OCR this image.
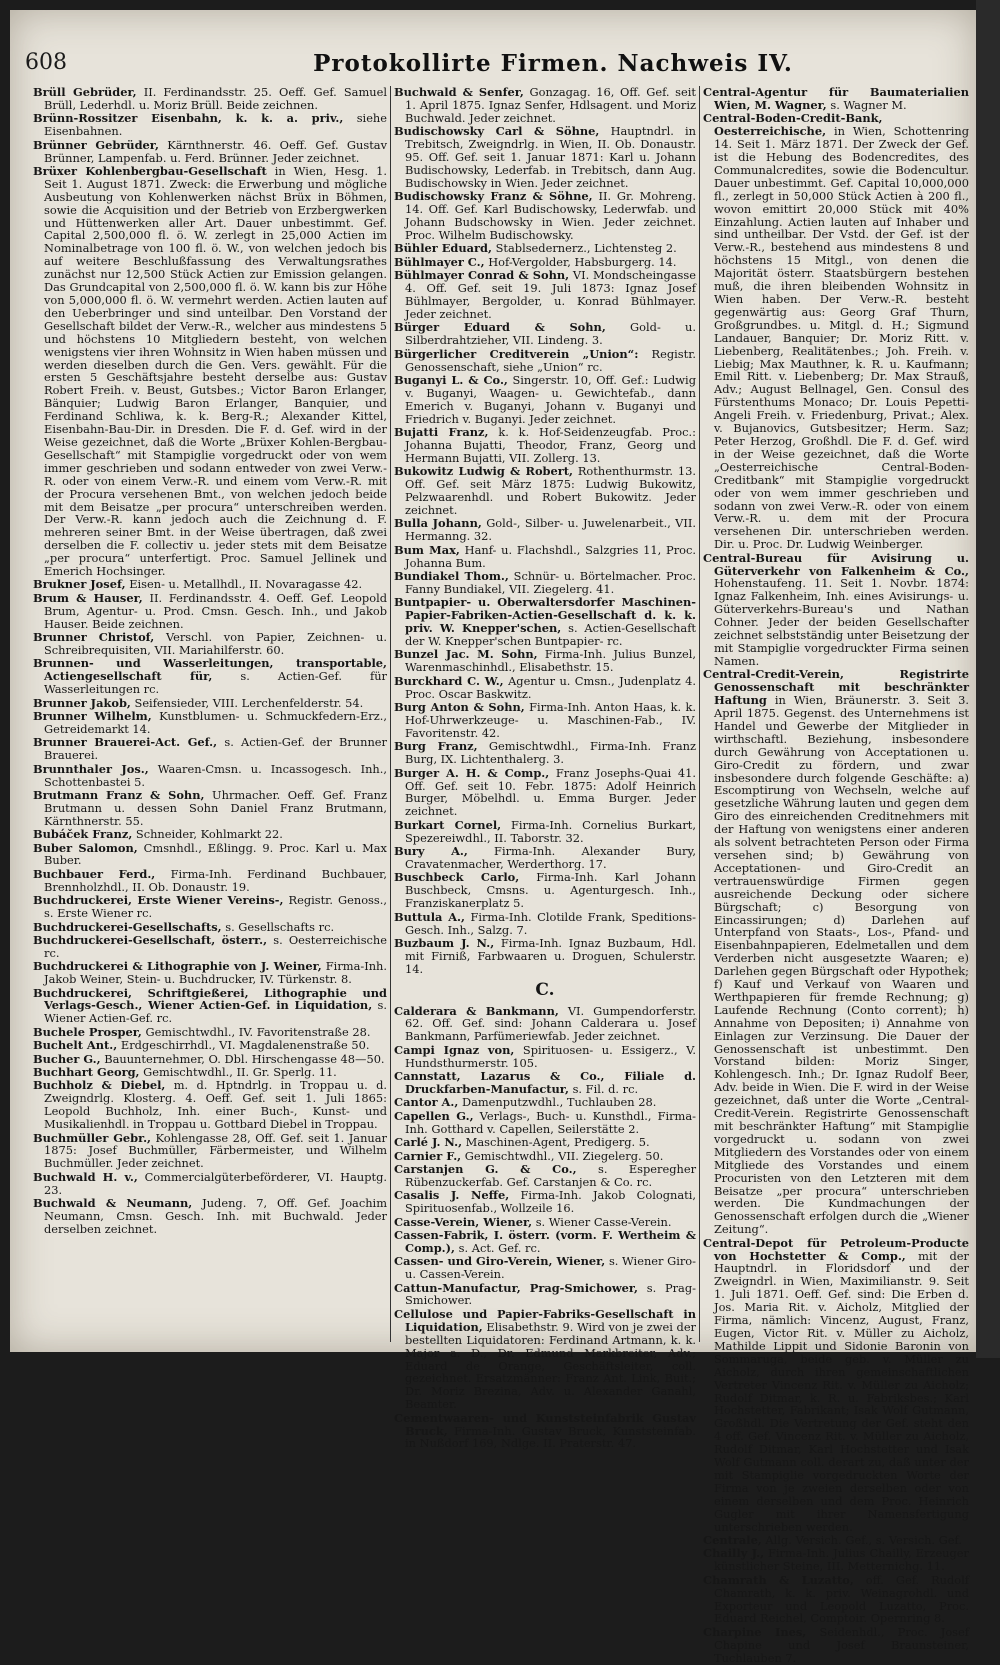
608	Protokollirte Firmen. Nachweis IV.
Brüll Gebrüder, II. Ferdinandsstr. 25. Oeff. Gef. Samuel Brüll, Lederhdl. u. Moriz Brüll. Beide zeichnen.
Brünn-Rossitzer Eisenbahn, k. k. a. priv., siehe Eisenbahnen.
Brünner Gebrüder, Kärnthnerstr. 46. Oeff. Gef. Gustav Brünner, Lampenfab. u. Ferd. Brünner. Jeder zeichnet.
Brüxer Kohlenbergbau-Gesellschaft in Wien, Hesg. 1. Seit 1. August 1871. Zweck: die Erwerbung und mögliche Ausbeutung von Kohlenwerken nächst Brüx in Böhmen, sowie die Acquisition und der Betrieb von Erzbergwerken und Hüttenwerken aller Art. Dauer unbestimmt. Gef. Capital 2,500,000 fl. ö. W. zerlegt in 25,000 Actien im Nominalbetrage von 100 fl. ö. W., von welchen jedoch bis auf weitere Beschlußfassung des Verwaltungsrathes zunächst nur 12,500 Stück Actien zur Emission gelangen. Das Grundcapital von 2,500,000 fl. ö. W. kann bis zur Höhe von 5,000,000 fl. ö. W. vermehrt werden. Actien lauten auf den Ueberbringer und sind unteilbar. Den Vorstand der Gesellschaft bildet der Verw.-R., welcher aus mindestens 5 und höchstens 10 Mitgliedern besteht, von welchen wenigstens vier ihren Wohnsitz in Wien haben müssen und werden dieselben durch die Gen. Vers. gewählt. Für die ersten 5 Geschäftsjahre besteht derselbe aus: Gustav Robert Freih. v. Beust, Gutsbes.; Victor Baron Erlanger, Bänquier; Ludwig Baron Erlanger, Banquier, und Ferdinand Schliwa, k. k. Berg-R.; Alexander Kittel, Eisenbahn-Bau-Dir. in Dresden. Die F. d. Gef. wird in der Weise gezeichnet, daß die Worte „Brüxer Kohlen-Bergbau-Gesellschaft“ mit Stampiglie vorgedruckt oder von wem immer geschrieben und sodann entweder von zwei Verw.-R. oder von einem Verw.-R. und einem vom Verw.-R. mit der Procura versehenen Bmt., von welchen jedoch beide mit dem Beisatze „per procura“ unterschreiben werden. Der Verw.-R. kann jedoch auch die Zeichnung d. F. mehreren seiner Bmt. in der Weise übertragen, daß zwei derselben die F. collectiv u. jeder stets mit dem Beisatze „per procura“ unterfertigt. Proc. Samuel Jellinek und Emerich Hochsinger.
Brukner Josef, Eisen- u. Metallhdl., II. Novaragasse 42.
Brum & Hauser, II. Ferdinandsstr. 4. Oeff. Gef. Leopold Brum, Agentur- u. Prod. Cmsn. Gesch. Inh., und Jakob Hauser. Beide zeichnen.
Brunner Christof, Verschl. von Papier, Zeichnen- u. Schreibrequisiten, VII. Mariahilferstr. 60.
Brunnen- und Wasserleitungen, transportable, Actiengesellschaft für, s. Actien-Gef. für Wasserleitungen rc.
Brunner Jakob, Seifensieder, VIII. Lerchenfelderstr. 54.
Brunner Wilhelm, Kunstblumen- u. Schmuckfedern-Erz., Getreidemarkt 14.
Brunner Brauerei-Act. Gef., s. Actien-Gef. der Brunner Brauerei.
Brunnthaler Jos., Waaren-Cmsn. u. Incassogesch. Inh., Schottenbastei 5.
Brutmann Franz & Sohn, Uhrmacher. Oeff. Gef. Franz Brutmann u. dessen Sohn Daniel Franz Brutmann, Kärnthnerstr. 55.
Bubáček Franz, Schneider, Kohlmarkt 22.
Buber Salomon, Cmsnhdl., Eßlingg. 9. Proc. Karl u. Max Buber.
Buchbauer Ferd., Firma-Inh. Ferdinand Buchbauer, Brennholzhdl., II. Ob. Donaustr. 19.
Buchdruckerei, Erste Wiener Vereins-, Registr. Genoss., s. Erste Wiener rc.
Buchdruckerei-Gesellschafts, s. Gesellschafts rc.
Buchdruckerei-Gesellschaft, österr., s. Oesterreichische rc.
Buchdruckerei & Lithographie von J. Weiner, Firma-Inh. Jakob Weiner, Stein- u. Buchdrucker, IV. Türkenstr. 8.
Buchdruckerei, Schriftgießerei, Lithographie und Verlags-Gesch., Wiener Actien-Gef. in Liquidation, s. Wiener Actien-Gef. rc.
Buchele Prosper, Gemischtwdhl., IV. Favoritenstraße 28.
Buchelt Ant., Erdgeschirrhdl., VI. Magdalenenstraße 50.
Bucher G., Bauunternehmer, O. Dbl. Hirschengasse 48—50.
Buchhart Georg, Gemischtwdhl., II. Gr. Sperlg. 11.
Buchholz & Diebel, m. d. Hptndrlg. in Troppau u. d. Zweigndrlg. Klosterg. 4. Oeff. Gef. seit 1. Juli 1865: Leopold Buchholz, Inh. einer Buch-, Kunst- und Musikalienhdl. in Troppau u. Gottbard Diebel in Troppau.
Buchmüller Gebr., Kohlengasse 28, Off. Gef. seit 1. Januar 1875: Josef Buchmüller, Färbermeister, und Wilhelm Buchmüller. Jeder zeichnet.
Buchwald H. v., Commercialgüterbeförderer, VI. Hauptg. 23.
Buchwald & Neumann, Judeng. 7, Off. Gef. Joachim Neumann, Cmsn. Gesch. Inh. mit Buchwald. Jeder derselben zeichnet.
Buchwald & Senfer, Gonzagag. 16, Off. Gef. seit 1. April 1875. Ignaz Senfer, Hdlsagent. und Moriz Buchwald. Jeder zeichnet.
Budischowsky Carl & Söhne, Hauptndrl. in Trebitsch, Zweigndrlg. in Wien, II. Ob. Donaustr. 95. Off. Gef. seit 1. Januar 1871: Karl u. Johann Budischowsky, Lederfab. in Trebitsch, dann Aug. Budischowsky in Wien. Jeder zeichnet.
Budischowsky Franz & Söhne, II. Gr. Mohreng. 14. Off. Gef. Karl Budischowsky, Lederwfab. und Johann Budschowsky in Wien. Jeder zeichnet. Proc. Wilhelm Budischowsky.
Bühler Eduard, Stablsedernerz., Lichtensteg 2.
Bühlmayer C., Hof-Vergolder, Habsburgerg. 14.
Bühlmayer Conrad & Sohn, VI. Mondscheingasse 4. Off. Gef. seit 19. Juli 1873: Ignaz Josef Bühlmayer, Bergolder, u. Konrad Bühlmayer. Jeder zeichnet.
Bürger Eduard & Sohn, Gold- u. Silberdrahtzieher, VII. Lindeng. 3.
Bürgerlicher Creditverein „Union“: Registr. Genossenschaft, siehe „Union“ rc.
Buganyi L. & Co., Singerstr. 10, Off. Gef.: Ludwig v. Buganyi, Waagen- u. Gewichtefab., dann Emerich v. Buganyi, Johann v. Buganyi und Friedrich v. Buganyi. Jeder zeichnet.
Bujatti Franz, k. k. Hof-Seidenzeugfab. Proc.: Johanna Bujatti, Theodor, Franz, Georg und Hermann Bujatti, VII. Zollerg. 13.
Bukowitz Ludwig & Robert, Rothenthurmstr. 13. Off. Gef. seit März 1875: Ludwig Bukowitz, Pelzwaarenhdl. und Robert Bukowitz. Jeder zeichnet.
Bulla Johann, Gold-, Silber- u. Juwelenarbeit., VII. Hermanng. 32.
Bum Max, Hanf- u. Flachshdl., Salzgries 11, Proc. Johanna Bum.
Bundiakel Thom., Schnür- u. Börtelmacher. Proc. Fanny Bundiakel, VII. Ziegelerg. 41.
Buntpapier- u. Oberwaltersdorfer Maschinen-Papier-Fabriken-Actien-Gesellschaft d. k. k. priv. W. Knepper'schen, s. Actien-Gesellschaft der W. Knepper'schen Buntpapier- rc.
Bunzel Jac. M. Sohn, Firma-Inh. Julius Bunzel, Warenmaschinhdl., Elisabethstr. 15.
Burckhard C. W., Agentur u. Cmsn., Judenplatz 4. Proc. Oscar Baskwitz.
Burg Anton & Sohn, Firma-Inh. Anton Haas, k. k. Hof-Uhrwerkzeuge- u. Maschinen-Fab., IV. Favoritenstr. 42.
Burg Franz, Gemischtwdhl., Firma-Inh. Franz Burg, IX. Lichtenthalerg. 3.
Burger A. H. & Comp., Franz Josephs-Quai 41. Off. Gef. seit 10. Febr. 1875: Adolf Heinrich Burger, Möbelhdl. u. Emma Burger. Jeder zeichnet.
Burkart Cornel, Firma-Inh. Cornelius Burkart, Spezereiwdhl., II. Taborstr. 32.
Bury A., Firma-Inh. Alexander Bury, Cravatenmacher, Werderthorg. 17.
Buschbeck Carlo, Firma-Inh. Karl Johann Buschbeck, Cmsns. u. Agenturgesch. Inh., Franziskanerplatz 5.
Buttula A., Firma-Inh. Clotilde Frank, Speditions-Gesch. Inh., Salzg. 7.
Buzbaum J. N., Firma-Inh. Ignaz Buzbaum, Hdl. mit Firniß, Farbwaaren u. Droguen, Schulerstr. 14.
C.
Calderara & Bankmann, VI. Gumpendorferstr. 62. Off. Gef. sind: Johann Calderara u. Josef Bankmann, Parfümeriewfab. Jeder zeichnet.
Campi Ignaz von, Spirituosen- u. Essigerz., V. Hundsthurmerstr. 105.
Cannstatt, Lazarus & Co., Filiale d. Druckfarben-Manufactur, s. Fil. d. rc.
Cantor A., Damenputzwdhl., Tuchlauben 28.
Capellen G., Verlags-, Buch- u. Kunsthdl., Firma-Inh. Gotthard v. Capellen, Seilerstätte 2.
Carlé J. N., Maschinen-Agent, Predigerg. 5.
Carnier F., Gemischtwdhl., VII. Ziegelerg. 50.
Carstanjen G. & Co., s. Esperegher Rübenzuckerfab. Gef. Carstanjen & Co. rc.
Casalis J. Neffe, Firma-Inh. Jakob Colognati, Spirituosenfab., Wollzeile 16.
Casse-Verein, Wiener, s. Wiener Casse-Verein.
Cassen-Fabrik, I. österr. (vorm. F. Wertheim & Comp.), s. Act. Gef. rc.
Cassen- und Giro-Verein, Wiener, s. Wiener Giro- u. Cassen-Verein.
Cattun-Manufactur, Prag-Smichower, s. Prag-Smichower.
Cellulose und Papier-Fabriks-Gesellschaft in Liquidation, Elisabethstr. 9. Wird von je zwei der bestellten Liquidatoren: Ferdinand Artmann, k. k. Major a. D., Dr. Edmund Markbreiter, Adv.; Eduard de Orange, Geschäftsleiter, coll. gezeichnet. Ersatzmänner: Franz Ant. Link, Buit.; Dr. Moriz Brezina, Adv. u. Alexander Ganahl, Beamter.
Cementwaaren- und Kunststeinfabrik Gustav Bruck, Firma-Inh. Gustav Bruck, Kunststeinfab. in Nußdorf 169, Ndlge. II. Praterstr. 47.
Central-Agentur für Baumaterialien Wien, M. Wagner, s. Wagner M.
Central-Boden-Credit-Bank, Oesterreichische, in Wien, Schottenring 14. Seit 1. März 1871. Der Zweck der Gef. ist die Hebung des Bodencredites, des Communalcredites, sowie die Bodencultur. Dauer unbestimmt. Gef. Capital 10,000,000 fl., zerlegt in 50,000 Stück Actien à 200 fl., wovon emittirt 20,000 Stück mit 40% Einzahlung. Actien lauten auf Inhaber und sind untheilbar. Der Vstd. der Gef. ist der Verw.-R., bestehend aus mindestens 8 und höchstens 15 Mitgl., von denen die Majorität österr. Staatsbürgern bestehen muß, die ihren bleibenden Wohnsitz in Wien haben. Der Verw.-R. besteht gegenwärtig aus: Georg Graf Thurn, Großgrundbes. u. Mitgl. d. H.; Sigmund Landauer, Banquier; Dr. Moriz Ritt. v. Liebenberg, Realitätenbes.; Joh. Freih. v. Liebig; Max Mauthner, k. R. u. Kaufmann; Emil Ritt. v. Liebenberg; Dr. Max Strauß, Adv.; August Bellnagel, Gen. Consul des Fürstenthums Monaco; Dr. Louis Pepetti-Angeli Freih. v. Friedenburg, Privat.; Alex. v. Bujanovics, Gutsbesitzer; Herm. Saz; Peter Herzog, Großhdl. Die F. d. Gef. wird in der Weise gezeichnet, daß die Worte „Oesterreichische Central-Boden-Creditbank“ mit Stampiglie vorgedruckt oder von wem immer geschrieben und sodann von zwei Verw.-R. oder von einem Verw.-R. u. dem mit der Procura versehenen Dir. unterschrieben werden. Dir. u. Proc. Dr. Ludwig Weinberger.
Central-Bureau für Avisirung u. Güterverkehr von Falkenheim & Co., Hohenstaufeng. 11. Seit 1. Novbr. 1874: Ignaz Falkenheim, Inh. eines Avisirungs- u. Güterverkehrs-Bureau's und Nathan Cohner. Jeder der beiden Gesellschafter zeichnet selbstständig unter Beisetzung der mit Stampiglie vorgedruckter Firma seinen Namen.
Central-Credit-Verein, Registrirte Genossenschaft mit beschränkter Haftung in Wien, Bräunerstr. 3. Seit 3. April 1875. Gegenst. des Unternehmens ist Handel und Gewerbe der Mitglieder in wirthschaftl. Beziehung, insbesondere durch Gewährung von Acceptationen u. Giro-Credit zu fördern, und zwar insbesondere durch folgende Geschäfte: a) Escomptirung von Wechseln, welche auf gesetzliche Währung lauten und gegen dem Giro des einreichenden Creditnehmers mit der Haftung von wenigstens einer anderen als solvent betrachteten Person oder Firma versehen sind; b) Gewährung von Acceptationen- und Giro-Credit an vertrauenswürdige Firmen gegen ausreichende Deckung oder sichere Bürgschaft; c) Besorgung von Eincassirungen; d) Darlehen auf Unterpfand von Staats-, Los-, Pfand- und Eisenbahnpapieren, Edelmetallen und dem Verderben nicht ausgesetzte Waaren; e) Darlehen gegen Bürgschaft oder Hypothek; f) Kauf und Verkauf von Waaren und Werthpapieren für fremde Rechnung; g) Laufende Rechnung (Conto corrent); h) Annahme von Depositen; i) Annahme von Einlagen zur Verzinsung. Die Dauer der Genossenschaft ist unbestimmt. Den Vorstand bilden: Moriz Singer, Kohlengesch. Inh.; Dr. Ignaz Rudolf Beer, Adv. beide in Wien. Die F. wird in der Weise gezeichnet, daß unter die Worte „Central-Credit-Verein. Registrirte Genossenschaft mit beschränkter Haftung“ mit Stampiglie vorgedruckt u. sodann von zwei Mitgliedern des Vorstandes oder von einem Mitgliede des Vorstandes und einem Procuristen von den Letzteren mit dem Beisatze „per procura“ unterschrieben werden. Die Kundmachungen der Genossenschaft erfolgen durch die „Wiener Zeitung“.
Central-Depot für Petroleum-Producte von Hochstetter & Comp., mit der Hauptndrl. in Floridsdorf und der Zweigndrl. in Wien, Maximilianstr. 9. Seit 1. Juli 1871. Oeff. Gef. sind: Die Erben d. Jos. Maria Rit. v. Aicholz, Mitglied der Firma, nämlich: Vincenz, August, Franz, Eugen, Victor Rit. v. Müller zu Aicholz, Mathilde Lippit und Sidonie Baronin von Sommaruga, beide geb. v. Müller zu Aicholz, durch ihren gemeinschaftlichen Vertreter Vincenz Rit. v. Müller zu Aicholz; Rudolf Ditmar, k. R. u. Fabriksbes.; Karl Hochstetter, Fabrikant; Isak Wolf Gutmann, Großhdl. Die Vertretung der Gef. steht den 4 off. Gef. Vincenz Rit. v. Müller zu Aicholz, Rudolf Ditmar, Karl Hochstetter und Isak Wolf Gutmann coll. derart zu, daß unter der mit Stampiglie vorgedruckten Worte der Firma von je zweien derselben oder von einem derselben und dem Proc. Heinrich Gugler mit ihrer Namensfertigung unterschrieben werden.
Centrale, Allg. Versich. Gef., s. Versich. Gef.
Chailly J., Firma-Inh. Julius Chailly, Erzeuger künstlicher Steine, III. Metternichg. 11.
Chamrath & Luzatto, off. Gef. Rudolf Chamrath, k. k. priv. Weinagrohdl. und Exporteur und Leopold Luzatto, Proc. Eduard Reichel, Comptoir. Opernring 8.
Charpine Ines, Seidenhdl., Proc. Josef Chapine und Josef Braunsteiner, Tuchlauben 7.
